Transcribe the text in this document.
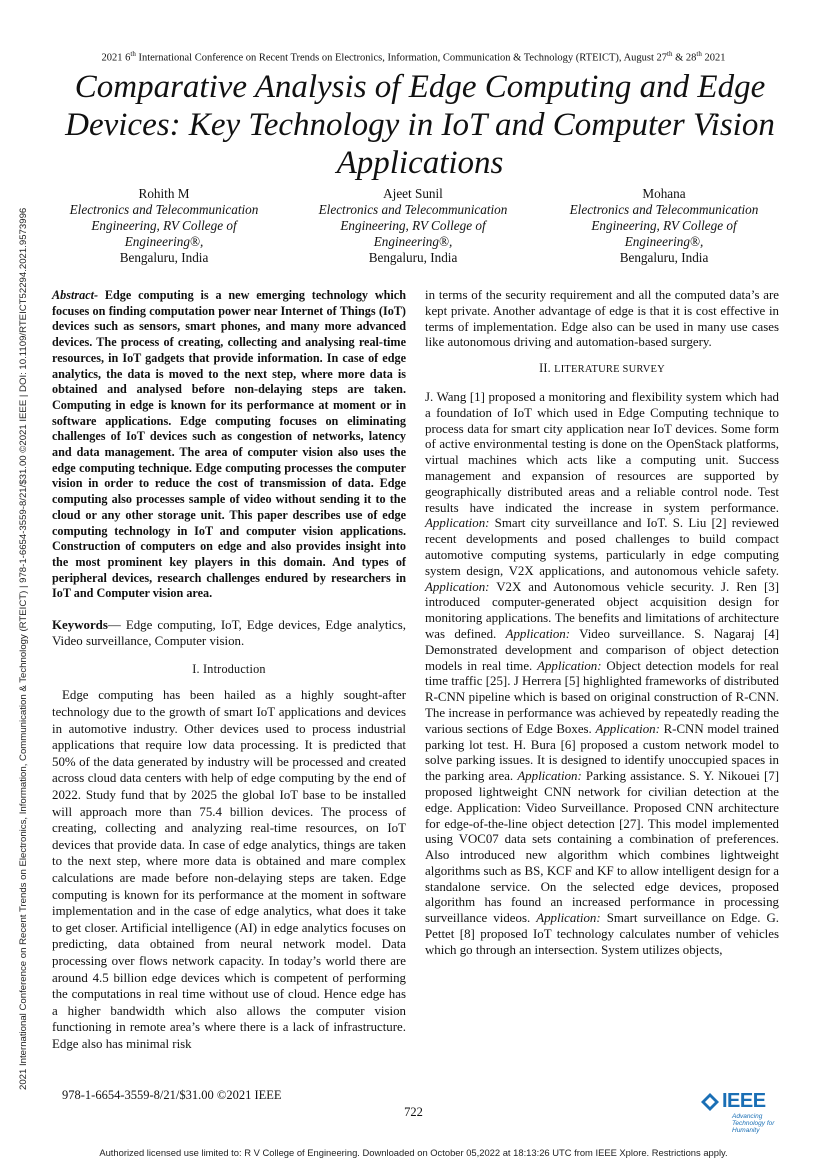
2021 6th International Conference on Recent Trends on Electronics, Information, Communication & Technology (RTEICT), August 27th & 28th 2021
Comparative Analysis of Edge Computing and Edge Devices: Key Technology in IoT and Computer Vision Applications
2021 International Conference on Recent Trends on Electronics, Information, Communication & Technology (RTEICT) | 978-1-6654-3559-8/21/$31.00 ©2021 IEEE | DOI: 10.1109/RTEICT52294.2021.9573996
Rohith M
Electronics and Telecommunication Engineering, RV College of Engineering®,
Bengaluru, India
Ajeet Sunil
Electronics and Telecommunication Engineering, RV College of Engineering®,
Bengaluru, India
Mohana
Electronics and Telecommunication Engineering, RV College of Engineering®,
Bengaluru, India

Abstract- Edge computing is a new emerging technology which focuses on finding computation power near Internet of Things (IoT) devices such as sensors, smart phones, and many more advanced devices. The process of creating, collecting and analysing real-time resources, in IoT gadgets that provide information. In case of edge analytics, the data is moved to the next step, where more data is obtained and analysed before non-delaying steps are taken. Computing in edge is known for its performance at moment or in software applications. Edge computing focuses on eliminating challenges of IoT devices such as congestion of networks, latency and data management. The area of computer vision also uses the edge computing technique. Edge computing processes the computer vision in order to reduce the cost of transmission of data. Edge computing also processes sample of video without sending it to the cloud or any other storage unit. This paper describes use of edge computing technology in IoT and computer vision applications. Construction of computers on edge and also provides insight into the most prominent key players in this domain. And types of peripheral devices, research challenges endured by researchers in IoT and Computer vision area.

Keywords— Edge computing, IoT, Edge devices, Edge analytics, Video surveillance, Computer vision.

I. Introduction

Edge computing has been hailed as a highly sought-after technology due to the growth of smart IoT applications and devices in automotive industry. Other devices used to process industrial applications that require low data processing. It is predicted that 50% of the data generated by industry will be processed and created across cloud data centers with help of edge computing by the end of 2022. Study fund that by 2025 the global IoT base to be installed will approach more than 75.4 billion devices. The process of creating, collecting and analyzing real-time resources, on IoT devices that provide data. In case of edge analytics, things are taken to the next step, where more data is obtained and mare complex calculations are made before non-delaying steps are taken. Edge computing is known for its performance at the moment in software implementation and in the case of edge analytics, what does it take to get closer. Artificial intelligence (AI) in edge analytics focuses on predicting, data obtained from neural network model. Data processing over flows network capacity. In today’s world there are around 4.5 billion edge devices which is competent of performing the computations in real time without use of cloud. Hence edge has a higher bandwidth which also allows the computer vision functioning in remote area’s where there is a lack of infrastructure. Edge also has minimal risk

in terms of the security requirement and all the computed data’s are kept private. Another advantage of edge is that it is cost effective in terms of implementation. Edge also can be used in many use cases like autonomous driving and automation-based surgery.

II. LITERATURE SURVEY

J. Wang [1] proposed a monitoring and flexibility system which had a foundation of IoT which used in Edge Computing technique to process data for smart city application near IoT devices. Some form of active environmental testing is done on the OpenStack platforms, virtual machines which acts like a computing unit. Success management and expansion of resources are supported by geographically distributed areas and a reliable control node. Test results have indicated the increase in system performance. Application: Smart city surveillance and IoT. S. Liu [2] reviewed recent developments and posed challenges to build compact automotive computing systems, particularly in edge computing system design, V2X applications, and autonomous vehicle safety. Application: V2X and Autonomous vehicle security. J. Ren [3] introduced computer-generated object acquisition design for monitoring applications. The benefits and limitations of architecture was defined. Application: Video surveillance. S. Nagaraj [4] Demonstrated development and comparison of object detection models in real time. Application: Object detection models for real time traffic [25]. J Herrera [5] highlighted frameworks of distributed R-CNN pipeline which is based on original construction of R-CNN. The increase in performance was achieved by repeatedly reading the various sections of Edge Boxes. Application: R-CNN model trained parking lot test. H. Bura [6] proposed a custom network model to solve parking issues. It is designed to identify unoccupied spaces in the parking area. Application: Parking assistance. S. Y. Nikouei [7] proposed lightweight CNN network for civilian detection at the edge. Application: Video Surveillance. Proposed CNN architecture for edge-of-the-line object detection [27]. This model implemented using VOC07 data sets containing a combination of preferences. Also introduced new algorithm which combines lightweight algorithms such as BS, KCF and KF to allow intelligent design for a standalone service. On the selected edge devices, proposed algorithm has found an increased performance in processing surveillance videos. Application: Smart surveillance on Edge. G. Pettet [8] proposed IoT technology calculates number of vehicles which go through an intersection. System utilizes objects,

978-1-6654-3559-8/21/$31.00 ©2021 IEEE
722
Authorized licensed use limited to: R V College of Engineering. Downloaded on October 05,2022 at 18:13:26 UTC from IEEE Xplore. Restrictions apply.
IEEE
Advancing Technology for Humanity
